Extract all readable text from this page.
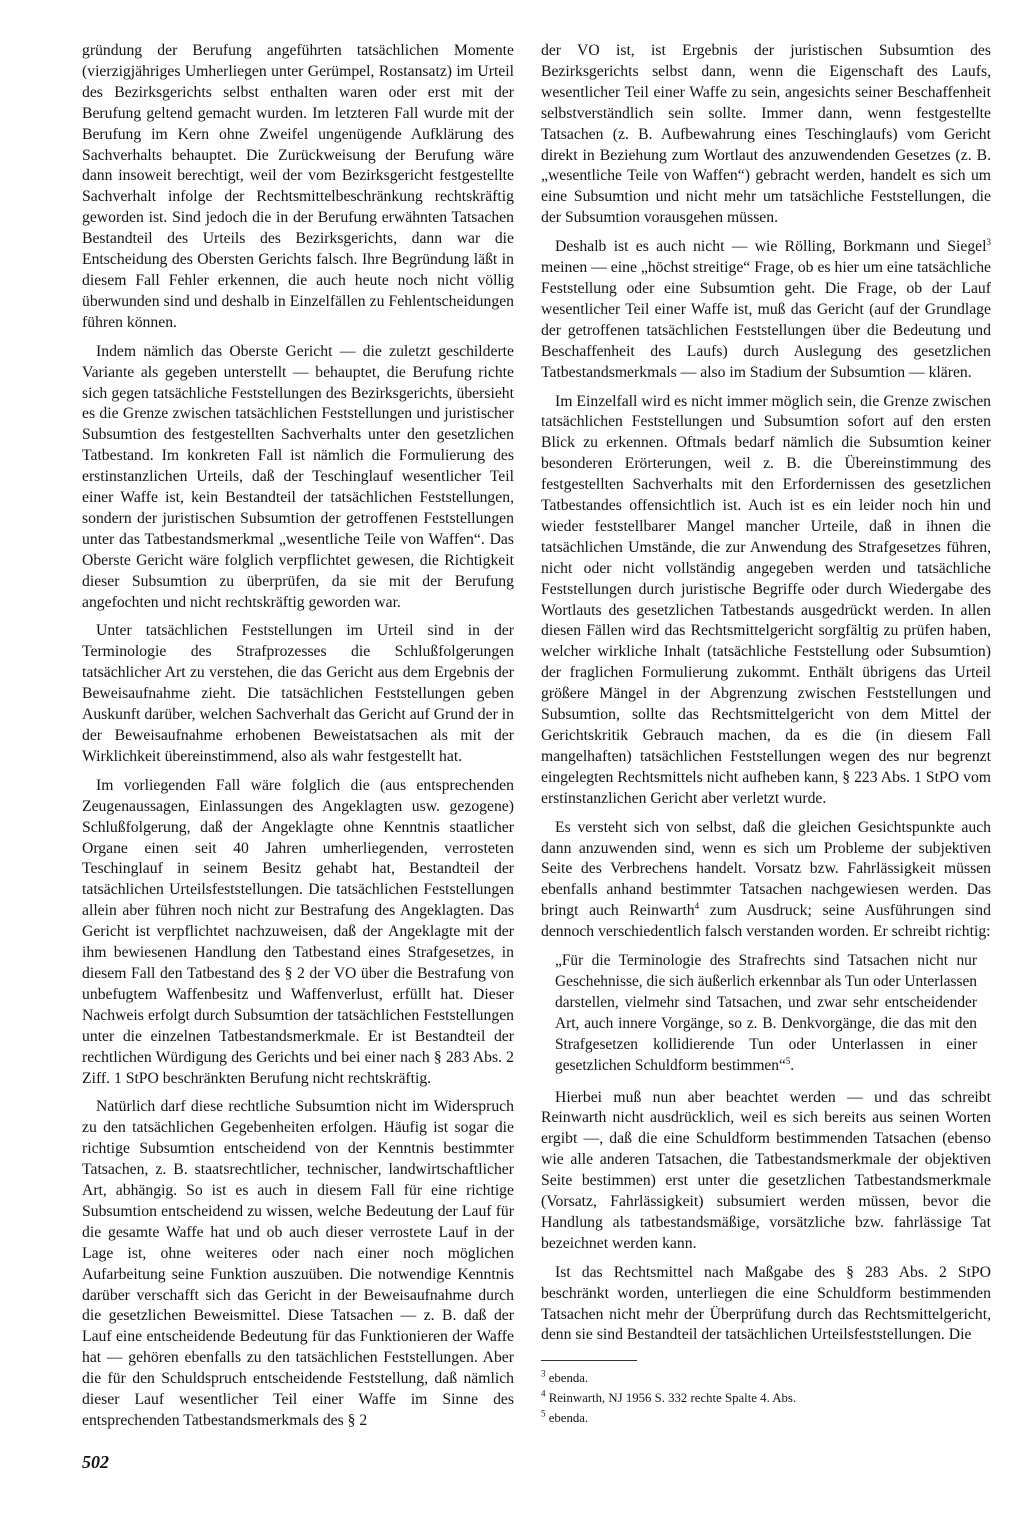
gründung der Berufung angeführten tatsächlichen Momente (vierzigjähriges Umherliegen unter Gerümpel, Rostansatz) im Urteil des Bezirksgerichts selbst enthalten waren oder erst mit der Berufung geltend gemacht wurden. Im letzteren Fall wurde mit der Berufung im Kern ohne Zweifel ungenügende Aufklärung des Sachverhalts behauptet. Die Zurückweisung der Berufung wäre dann insoweit berechtigt, weil der vom Bezirksgericht festgestellte Sachverhalt infolge der Rechtsmittelbeschränkung rechtskräftig geworden ist. Sind jedoch die in der Berufung erwähnten Tatsachen Bestandteil des Urteils des Bezirksgerichts, dann war die Entscheidung des Obersten Gerichts falsch. Ihre Begründung läßt in diesem Fall Fehler erkennen, die auch heute noch nicht völlig überwunden sind und deshalb in Einzelfällen zu Fehlentscheidungen führen können.

Indem nämlich das Oberste Gericht — die zuletzt geschilderte Variante als gegeben unterstellt — behauptet, die Berufung richte sich gegen tatsächliche Feststellungen des Bezirksgerichts, übersieht es die Grenze zwischen tatsächlichen Feststellungen und juristischer Subsumtion des festgestellten Sachverhalts unter den gesetzlichen Tatbestand. Im konkreten Fall ist nämlich die Formulierung des erstinstanzlichen Urteils, daß der Teschinglauf wesentlicher Teil einer Waffe ist, kein Bestandteil der tatsächlichen Feststellungen, sondern der juristischen Subsumtion der getroffenen Feststellungen unter das Tatbestandsmerkmal „wesentliche Teile von Waffen“. Das Oberste Gericht wäre folglich verpflichtet gewesen, die Richtigkeit dieser Subsumtion zu überprüfen, da sie mit der Berufung angefochten und nicht rechtskräftig geworden war.

Unter tatsächlichen Feststellungen im Urteil sind in der Terminologie des Strafprozesses die Schlußfolgerungen tatsächlicher Art zu verstehen, die das Gericht aus dem Ergebnis der Beweisaufnahme zieht. Die tatsächlichen Feststellungen geben Auskunft darüber, welchen Sachverhalt das Gericht auf Grund der in der Beweisaufnahme erhobenen Beweistatsachen als mit der Wirklichkeit übereinstimmend, also als wahr festgestellt hat.

Im vorliegenden Fall wäre folglich die (aus entsprechenden Zeugenaussagen, Einlassungen des Angeklagten usw. gezogene) Schlußfolgerung, daß der Angeklagte ohne Kenntnis staatlicher Organe einen seit 40 Jahren umherliegenden, verrosteten Teschinglauf in seinem Besitz gehabt hat, Bestandteil der tatsächlichen Urteilsfeststellungen. Die tatsächlichen Feststellungen allein aber führen noch nicht zur Bestrafung des Angeklagten. Das Gericht ist verpflichtet nachzuweisen, daß der Angeklagte mit der ihm bewiesenen Handlung den Tatbestand eines Strafgesetzes, in diesem Fall den Tatbestand des § 2 der VO über die Bestrafung von unbefugtem Waffenbesitz und Waffenverlust, erfüllt hat. Dieser Nachweis erfolgt durch Subsumtion der tatsächlichen Feststellungen unter die einzelnen Tatbestandsmerkmale. Er ist Bestandteil der rechtlichen Würdigung des Gerichts und bei einer nach § 283 Abs. 2 Ziff. 1 StPO beschränkten Berufung nicht rechtskräftig.

Natürlich darf diese rechtliche Subsumtion nicht im Widerspruch zu den tatsächlichen Gegebenheiten erfolgen. Häufig ist sogar die richtige Subsumtion entscheidend von der Kenntnis bestimmter Tatsachen, z. B. staatsrechtlicher, technischer, landwirtschaftlicher Art, abhängig. So ist es auch in diesem Fall für eine richtige Subsumtion entscheidend zu wissen, welche Bedeutung der Lauf für die gesamte Waffe hat und ob auch dieser verrostete Lauf in der Lage ist, ohne weiteres oder nach einer noch möglichen Aufarbeitung seine Funktion auszuüben. Die notwendige Kenntnis darüber verschafft sich das Gericht in der Beweisaufnahme durch die gesetzlichen Beweismittel. Diese Tatsachen — z. B. daß der Lauf eine entscheidende Bedeutung für das Funktionieren der Waffe hat — gehören ebenfalls zu den tatsächlichen Feststellungen. Aber die für den Schuldspruch entscheidende Feststellung, daß nämlich dieser Lauf wesentlicher Teil einer Waffe im Sinne des entsprechenden Tatbestandsmerkmals des § 2

der VO ist, ist Ergebnis der juristischen Subsumtion des Bezirksgerichts selbst dann, wenn die Eigenschaft des Laufs, wesentlicher Teil einer Waffe zu sein, angesichts seiner Beschaffenheit selbstverständlich sein sollte. Immer dann, wenn festgestellte Tatsachen (z. B. Aufbewahrung eines Teschinglaufs) vom Gericht direkt in Beziehung zum Wortlaut des anzuwendenden Gesetzes (z. B. „wesentliche Teile von Waffen“) gebracht werden, handelt es sich um eine Subsumtion und nicht mehr um tatsächliche Feststellungen, die der Subsumtion vorausgehen müssen.

Deshalb ist es auch nicht — wie Rölling, Borkmann und Siegel$^3$ meinen — eine „höchst streitige“ Frage, ob es hier um eine tatsächliche Feststellung oder eine Subsumtion geht. Die Frage, ob der Lauf wesentlicher Teil einer Waffe ist, muß das Gericht (auf der Grundlage der getroffenen tatsächlichen Feststellungen über die Bedeutung und Beschaffenheit des Laufs) durch Auslegung des gesetzlichen Tatbestandsmerkmals — also im Stadium der Subsumtion — klären.

Im Einzelfall wird es nicht immer möglich sein, die Grenze zwischen tatsächlichen Feststellungen und Subsumtion sofort auf den ersten Blick zu erkennen. Oftmals bedarf nämlich die Subsumtion keiner besonderen Erörterungen, weil z. B. die Übereinstimmung des festgestellten Sachverhalts mit den Erfordernissen des gesetzlichen Tatbestandes offensichtlich ist. Auch ist es ein leider noch hin und wieder feststellbarer Mangel mancher Urteile, daß in ihnen die tatsächlichen Umstände, die zur Anwendung des Strafgesetzes führen, nicht oder nicht vollständig angegeben werden und tatsächliche Feststellungen durch juristische Begriffe oder durch Wiedergabe des Wortlauts des gesetzlichen Tatbestands ausgedrückt werden. In allen diesen Fällen wird das Rechtsmittelgericht sorgfältig zu prüfen haben, welcher wirkliche Inhalt (tatsächliche Feststellung oder Subsumtion) der fraglichen Formulierung zukommt. Enthält übrigens das Urteil größere Mängel in der Abgrenzung zwischen Feststellungen und Subsumtion, sollte das Rechtsmittelgericht von dem Mittel der Gerichtskritik Gebrauch machen, da es die (in diesem Fall mangelhaften) tatsächlichen Feststellungen wegen des nur begrenzt eingelegten Rechtsmittels nicht aufheben kann, § 223 Abs. 1 StPO vom erstinstanzlichen Gericht aber verletzt wurde.

Es versteht sich von selbst, daß die gleichen Gesichtspunkte auch dann anzuwenden sind, wenn es sich um Probleme der subjektiven Seite des Verbrechens handelt. Vorsatz bzw. Fahrlässigkeit müssen ebenfalls anhand bestimmter Tatsachen nachgewiesen werden. Das bringt auch Reinwarth$^4$ zum Ausdruck; seine Ausführungen sind dennoch verschiedentlich falsch verstanden worden. Er schreibt richtig:

„Für die Terminologie des Strafrechts sind Tatsachen nicht nur Geschehnisse, die sich äußerlich erkennbar als Tun oder Unterlassen darstellen, vielmehr sind Tatsachen, und zwar sehr entscheidender Art, auch innere Vorgänge, so z. B. Denkvorgänge, die das mit den Strafgesetzen kollidierende Tun oder Unterlassen in einer gesetzlichen Schuldform bestimmen“$^5$.

Hierbei muß nun aber beachtet werden — und das schreibt Reinwarth nicht ausdrücklich, weil es sich bereits aus seinen Worten ergibt —, daß die eine Schuldform bestimmenden Tatsachen (ebenso wie alle anderen Tatsachen, die Tatbestandsmerkmale der objektiven Seite bestimmen) erst unter die gesetzlichen Tatbestandsmerkmale (Vorsatz, Fahrlässigkeit) subsumiert werden müssen, bevor die Handlung als tatbestandsmäßige, vorsätzliche bzw. fahrlässige Tat bezeichnet werden kann.

Ist das Rechtsmittel nach Maßgabe des § 283 Abs. 2 StPO beschränkt worden, unterliegen die eine Schuldform bestimmenden Tatsachen nicht mehr der Überprüfung durch das Rechtsmittelgericht, denn sie sind Bestandteil der tatsächlichen Urteilsfeststellungen. Die

$^3$ ebenda.

$^4$ Reinwarth, NJ 1956 S. 332 rechte Spalte 4. Abs.

$^5$ ebenda.

502
